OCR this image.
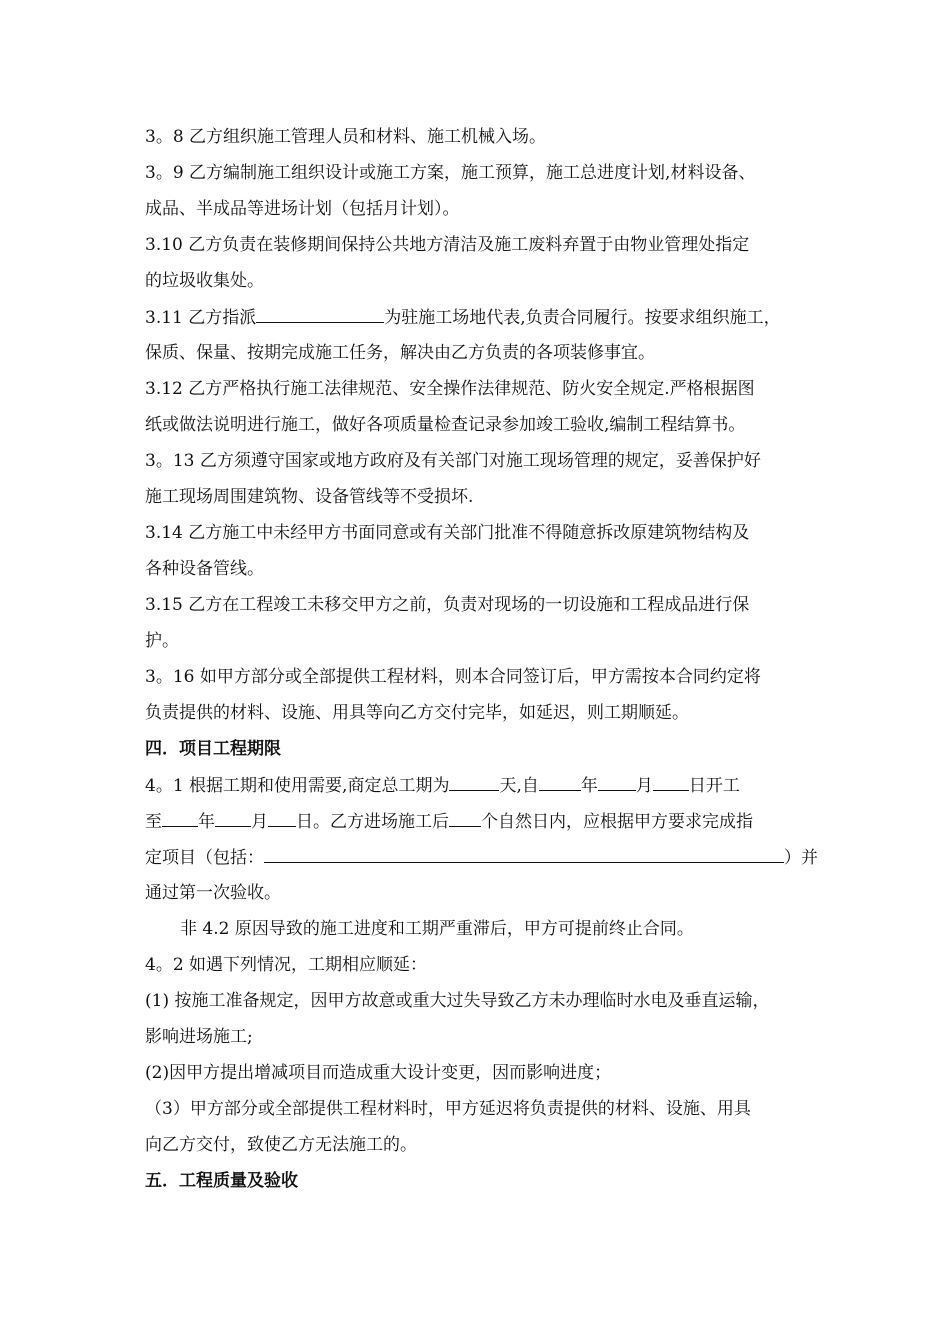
3。8 乙方组织施工管理人员和材料、施工机械入场。
3。9 乙方编制施工组织设计或施工方案，施工预算，施工总进度计划,材料设备、
成品、半成品等进场计划（包括月计划）。
3.10 乙方负责在装修期间保持公共地方清洁及施工废料弃置于由物业管理处指定
的垃圾收集处。
3.11 乙方指派	为驻施工场地代表,负责合同履行。按要求组织施工，
保质、保量、按期完成施工任务，解决由乙方负责的各项装修事宜。
3.12 乙方严格执行施工法律规范、安全操作法律规范、防火安全规定.严格根据图
纸或做法说明进行施工，做好各项质量检查记录参加竣工验收,编制工程结算书。
3。13 乙方须遵守国家或地方政府及有关部门对施工现场管理的规定，妥善保护好
施工现场周围建筑物、设备管线等不受损坏.
3.14 乙方施工中未经甲方书面同意或有关部门批准不得随意拆改原建筑物结构及
各种设备管线。
3.15 乙方在工程竣工未移交甲方之前，负责对现场的一切设施和工程成品进行保
护。
3。16 如甲方部分或全部提供工程材料，则本合同签订后，甲方需按本合同约定将
负责提供的材料、设施、用具等向乙方交付完毕，如延迟，则工期顺延。
四．项目工程期限
4。1 根据工期和使用需要,商定总工期为	天,自 年 月 日开工
至 年 月 日。乙方进场施工后 个自然日内，应根据甲方要求完成指
定项目（包括：	）并
通过第一次验收。
非 4.2 原因导致的施工进度和工期严重滞后，甲方可提前终止合同。
4。2 如遇下列情况，工期相应顺延：
(1) 按施工准备规定，因甲方故意或重大过失导致乙方未办理临时水电及垂直运输，
影响进场施工;
(2)因甲方提出增减项目而造成重大设计变更，因而影响进度；
（3）甲方部分或全部提供工程材料时，甲方延迟将负责提供的材料、设施、用具
向乙方交付，致使乙方无法施工的。
五．工程质量及验收
